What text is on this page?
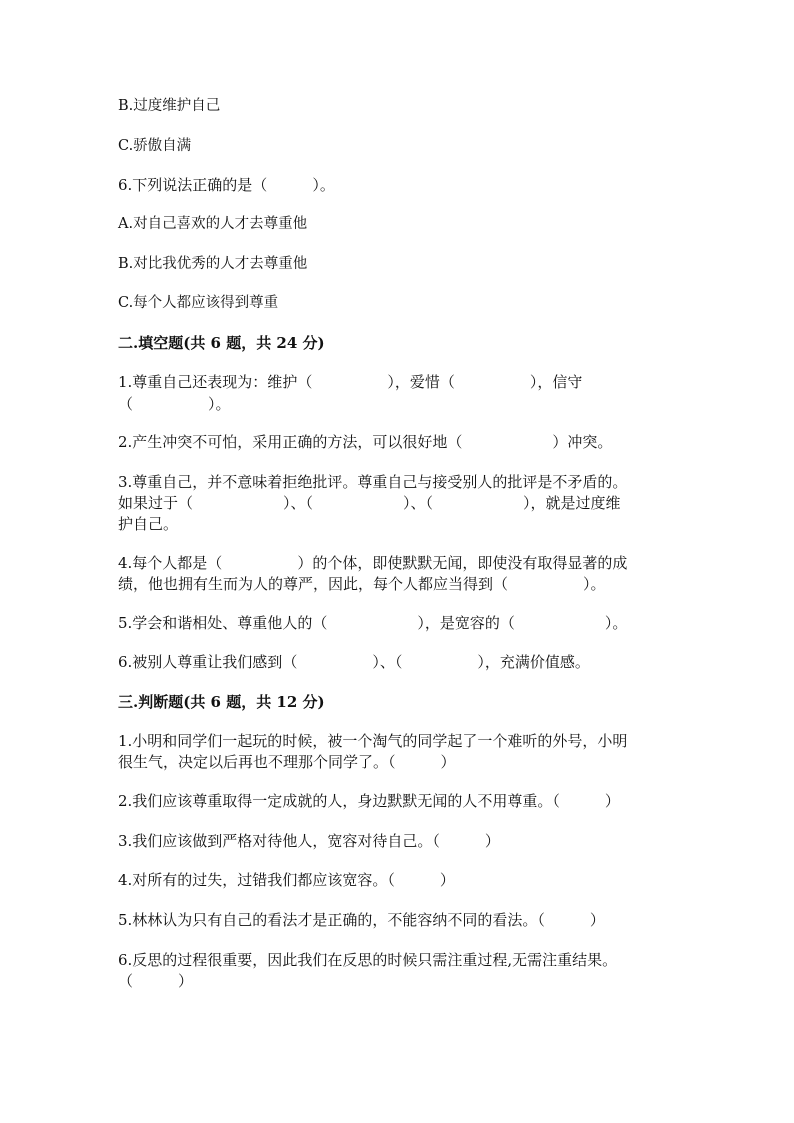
B.过度维护自己
C.骄傲自满
6.下列说法正确的是（　　　）。
A.对自己喜欢的人才去尊重他
B.对比我优秀的人才去尊重他
C.每个人都应该得到尊重
二.填空题(共 6 题，共 24 分)
1.尊重自己还表现为：维护（　　　　　），爱惜（　　　　　），信守
（　　　　　）。
2.产生冲突不可怕，采用正确的方法，可以很好地（　　　　　　）冲突。
3.尊重自己，并不意味着拒绝批评。尊重自己与接受别人的批评是不矛盾的。
如果过于（　　　　　　）、（　　　　　　）、（　　　　　　），就是过度维
护自己。
4.每个人都是（　　　　　）的个体，即使默默无闻，即使没有取得显著的成
绩，他也拥有生而为人的尊严，因此，每个人都应当得到（　　　　　）。
5.学会和谐相处、尊重他人的（　　　　　　），是宽容的（　　　　　　）。
6.被别人尊重让我们感到（　　　　　）、（　　　　　），充满价值感。
三.判断题(共 6 题，共 12 分)
1.小明和同学们一起玩的时候，被一个淘气的同学起了一个难听的外号，小明
很生气，决定以后再也不理那个同学了。（　　　）
2.我们应该尊重取得一定成就的人，身边默默无闻的人不用尊重。（　　　）
3.我们应该做到严格对待他人，宽容对待自己。（　　　）
4.对所有的过失，过错我们都应该宽容。（　　　）
5.林林认为只有自己的看法才是正确的，不能容纳不同的看法。（　　　）
6.反思的过程很重要，因此我们在反思的时候只需注重过程,无需注重结果。
（　　　）
